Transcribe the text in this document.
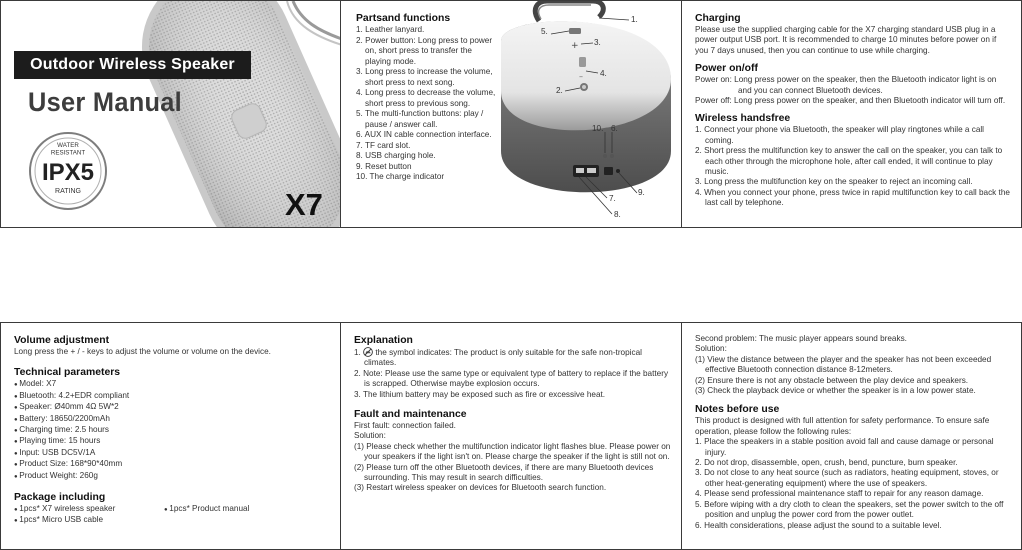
Outdoor Wireless Speaker
User Manual
WATER
RESISTANT
IPX5
RATING	X7
Partsand functions
1. Leather lanyard.
2. Power button: Long press to power on, short press to transfer the playing mode.
3. Long press to increase the volume, short press to next song.
4. Long press to decrease the volume, short press to previous song.
5. The multi-function buttons: play / pause / answer call.
6. AUX IN cable connection interface.
7. TF card slot.
8. USB charging hole.
9. Reset button
10. The charge indicator
+
–
1.
5.
3.
4.
2.
10. 6.
9.
7.
8.
Charging

Please use the supplied charging cable for the X7 charging standard USB plug in a power output USB port. It is recommended to charge 10 minutes before power on if you 7 days unused, then you can continue to use while charging.

Power on/off
Power on: Long press power on the speaker, then the Bluetooth indicator light is on and you can connect Bluetooth devices.
Power off: Long press power on the speaker, and then Bluetooth indicator will turn off.
Wireless handsfree
1. Connect your phone via Bluetooth, the speaker will play ringtones while a call coming.
2. Short press the multifunction key to answer the call on the speaker, you can talk to each other through the microphone hole, after call ended, it will continue to play music.
3. Long press the multifunction key on the speaker to reject an incoming call.
4. When you connect your phone, press twice in rapid multifunction key to call back the last call by telephone.
Volume adjustment

Long press the + / - keys to adjust the volume or volume on the device.

Technical parameters
● Model: X7
● Bluetooth: 4.2+EDR compliant
● Speaker: Ø40mm 4Ω 5W*2
● Battery: 18650/2200mAh
● Charging time: 2.5 hours
● Playing time: 15 hours
● Input: USB DC5V/1A
● Product Size: 168*90*40mm
● Product Weight: 260g
Package including
● 1pcs* X7 wireless speaker	● 1pcs* Product manual
● 1pcs* Micro USB cable
Explanation
1. the symbol indicates: The product is only suitable for the safe non-tropical climates.
2. Note: Please use the same type or equivalent type of battery to replace if the battery is scrapped. Otherwise maybe explosion occurs.
3. The lithium battery may be exposed such as fire or excessive heat.
Fault and maintenance
First fault: connection failed.
Solution:
(1) Please check whether the multifunction indicator light flashes blue. Please power on your speakers if the light isn't on. Please charge the speaker if the light is still not on.
(2) Please turn off the other Bluetooth devices, if there are many Bluetooth devices surrounding. This may result in search difficulties.
(3) Restart wireless speaker on devices for Bluetooth search function.
Second problem: The music player appears sound breaks.
Solution:
(1) View the distance between the player and the speaker has not been exceeded effective Bluetooth connection distance 8-12meters.
(2) Ensure there is not any obstacle between the play device and speakers.
(3) Check the playback device or whether the speaker is in a low power state.
Notes before use
This product is designed with full attention for safety performance. To ensure safe operation, please follow the following rules:
1. Place the speakers in a stable position avoid fall and cause damage or personal injury.
2. Do not drop, disassemble, open, crush, bend, puncture, burn speaker.
3. Do not close to any heat source (such as radiators, heating equipment, stoves, or other heat-generating equipment) where the use of speakers.
4. Please send professional maintenance staff to repair for any reason damage.
5. Before wiping with a dry cloth to clean the speakers, set the power switch to the off position and unplug the power cord from the power outlet.
6. Health considerations, please adjust the sound to a suitable level.
